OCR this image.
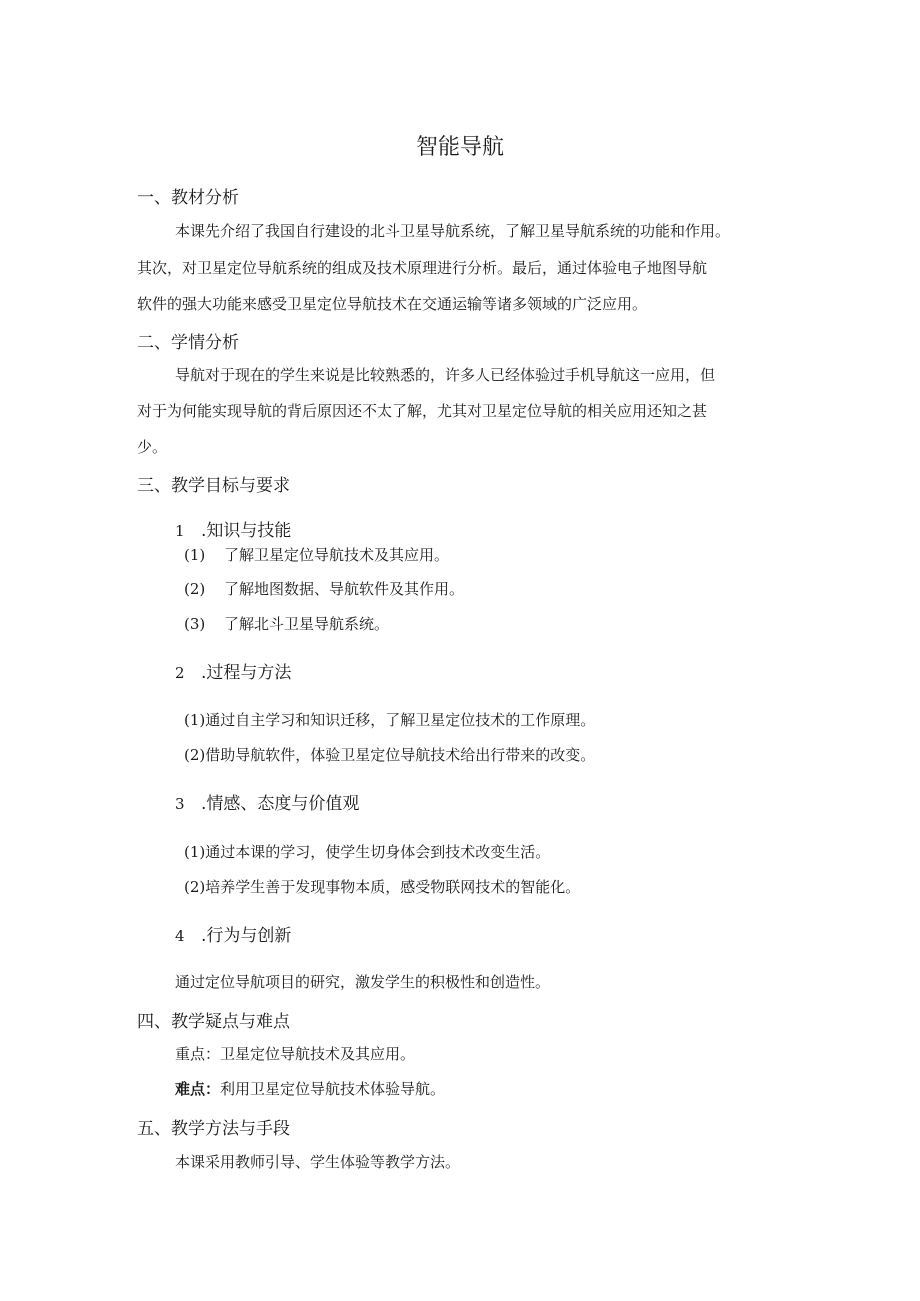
智能导航
一、教材分析
本课先介绍了我国自行建设的北斗卫星导航系统，了解卫星导航系统的功能和作用。
其次，对卫星定位导航系统的组成及技术原理进行分析。最后，通过体验电子地图导航
软件的强大功能来感受卫星定位导航技术在交通运输等诸多领域的广泛应用。
二、学情分析
导航对于现在的学生来说是比较熟悉的，许多人已经体验过手机导航这一应用，但
对于为何能实现导航的背后原因还不太了解，尤其对卫星定位导航的相关应用还知之甚
少。
三、教学目标与要求
1 .知识与技能
(1) 了解卫星定位导航技术及其应用。
(2) 了解地图数据、导航软件及其作用。
(3) 了解北斗卫星导航系统。
2 .过程与方法
(1)通过自主学习和知识迁移，了解卫星定位技术的工作原理。
(2)借助导航软件，体验卫星定位导航技术给出行带来的改变。
3 .情感、态度与价值观
(1)通过本课的学习，使学生切身体会到技术改变生活。
(2)培养学生善于发现事物本质，感受物联网技术的智能化。
4 .行为与创新
通过定位导航项目的研究，激发学生的积极性和创造性。
四、教学疑点与难点
重点：卫星定位导航技术及其应用。
难点：利用卫星定位导航技术体验导航。
五、教学方法与手段
本课采用教师引导、学生体验等教学方法。
